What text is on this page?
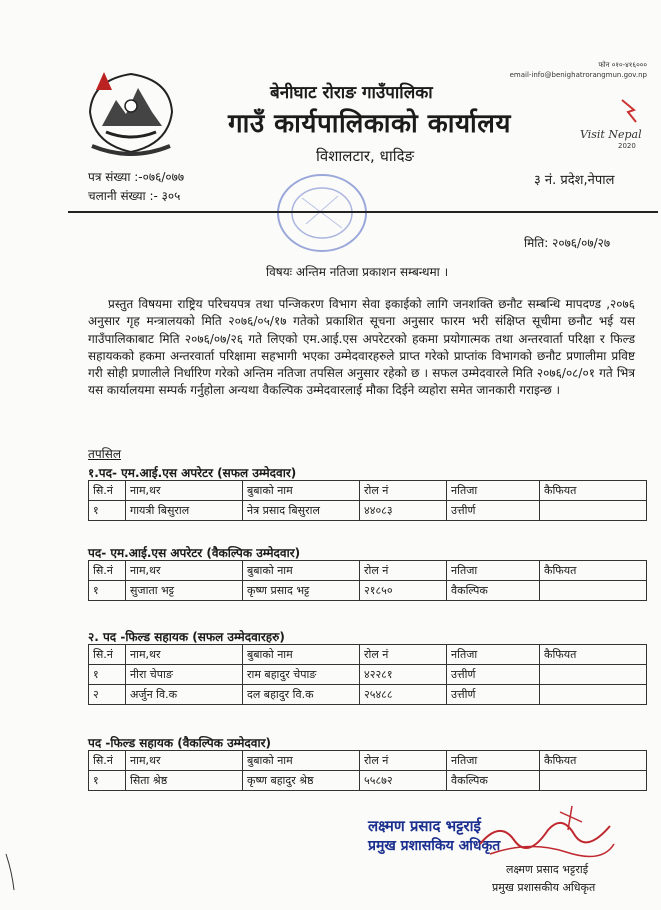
फोन ०१०-४१६०००
email-info@benighatrorangmun.gov.np
बेनीघाट रोराङ गाउँपालिका
गाउँ कार्यपालिकाको कार्यालय
विशालटार, धादिङ
Visit Nepal
2020
पत्र संख्या :-०७६/०७७
चलानी संख्या :- ३०५
३ नं. प्रदेश,नेपाल
मिति: २०७६/०७/२७
विषयः अन्तिम नतिजा प्रकाशन सम्बन्धमा ।
प्रस्तुत विषयमा राष्ट्रिय परिचयपत्र तथा पन्जिकरण विभाग सेवा इकाईको लागि जनशक्ति छनौट सम्बन्धि मापदण्ड ,२०७६ अनुसार गृह मन्त्रालयको मिति २०७६/०५/१७ गतेको प्रकाशित सूचना अनुसार फारम भरी संक्षिप्त सूचीमा छनौट भई यस गाउँपालिकाबाट मिति २०७६/०७/२६ गते लिएको एम.आई.एस अपरेटरको हकमा प्रयोगात्मक तथा अन्तरवार्ता परिक्षा र फिल्ड सहायकको हकमा अन्तरवार्ता परिक्षामा सहभागी भएका उम्मेदवारहरुले प्राप्त गरेको प्राप्तांक विभागको छनौट प्रणालीमा प्रविष्ट गरी सोही प्रणालीले निर्धारिण गरेको अन्तिम नतिजा तपसिल अनुसार रहेको छ । सफल उम्मेदवारले मिति २०७६/०८/०१ गते भित्र यस कार्यालयमा सम्पर्क गर्नुहोला अन्यथा वैकल्पिक उम्मेदवारलाई मौका दिईने व्यहोरा समेत जानकारी गराइन्छ ।
तपसिल
१.पद- एम.आई.एस अपरेटर (सफल उम्मेदवार)
सि.नं	नाम,थर	बुबाको नाम	रोल नं	नतिजा	कैफियत
१	गायत्री बिसुराल	नेत्र प्रसाद बिसुराल	४४०८३	उत्तीर्ण	
पद- एम.आई.एस अपरेटर (वैकल्पिक उम्मेदवार)
सि.नं	नाम,थर	बुबाको नाम	रोल नं	नतिजा	कैफियत
१	सुजाता भट्ट	कृष्ण प्रसाद भट्ट	२१८५०	वैकल्पिक	
२. पद -फिल्ड सहायक (सफल उम्मेदवारहरु)
सि.नं	नाम,थर	बुबाको नाम	रोल नं	नतिजा	कैफियत
१	नीरा चेपाङ	राम बहादुर चेपाङ	४२२८१	उत्तीर्ण	
२	अर्जुन वि.क	दल बहादुर वि.क	२५४८८	उत्तीर्ण	
पद -फिल्ड सहायक (वैकल्पिक उम्मेदवार)
सि.नं	नाम,थर	बुबाको नाम	रोल नं	नतिजा	कैफियत
१	सिता श्रेष्ठ	कृष्ण बहादुर श्रेष्ठ	५५८७२	वैकल्पिक	
लक्ष्मण प्रसाद भट्टराई
प्रमुख प्रशासकिय अधिकृत
लक्ष्मण प्रसाद भट्टराई
प्रमुख प्रशासकीय अधिकृत
